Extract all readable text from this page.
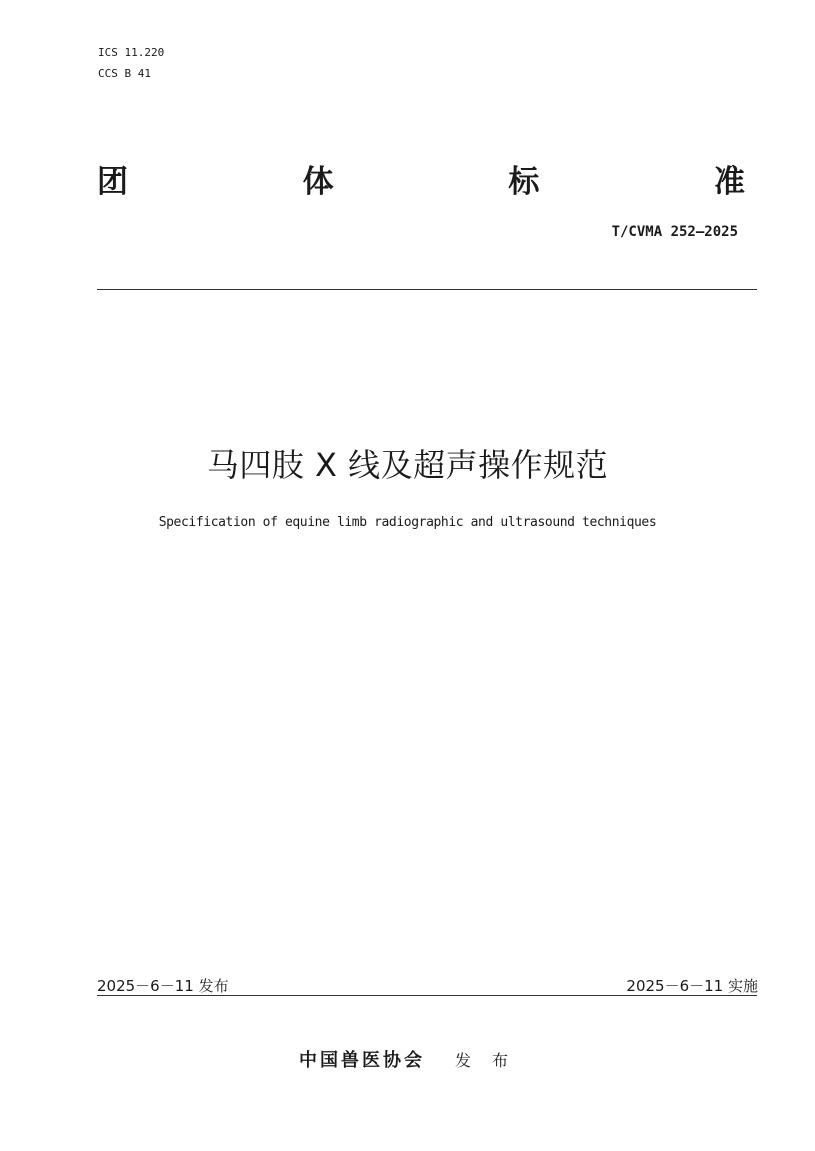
ICS 11.220
CCS B 41
团	体	标	准
T/CVMA 252—2025
马四肢 X 线及超声操作规范
Specification of equine limb radiographic and ultrasound techniques
2025－6－11 发布	2025－6－11 实施
中国兽医协会 发 布
